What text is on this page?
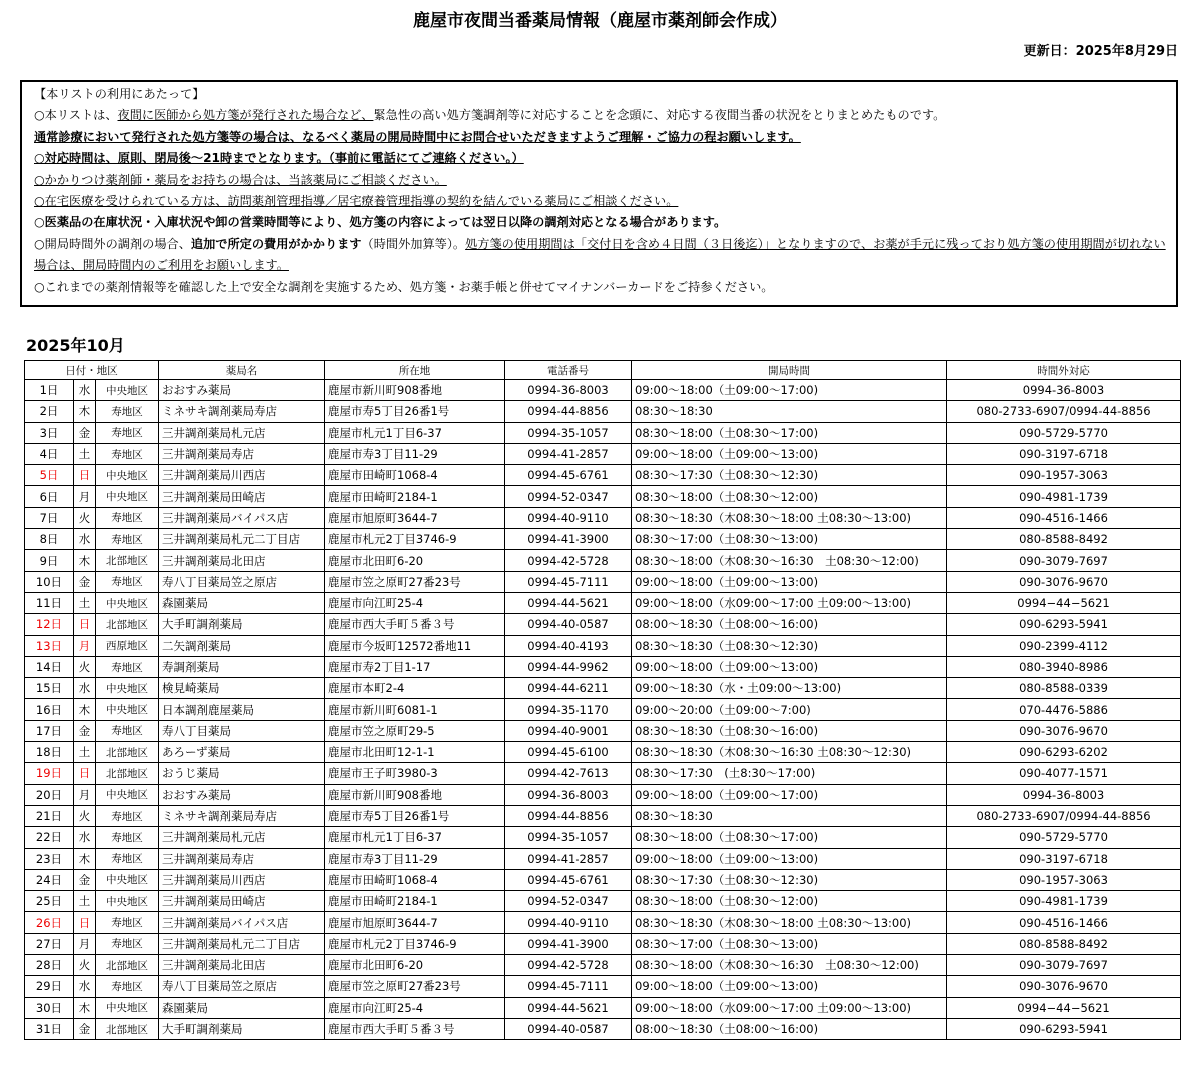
鹿屋市夜間当番薬局情報（鹿屋市薬剤師会作成）
更新日：2025年8月29日
【本リストの利用にあたって】
○本リストは、夜間に医師から処方箋が発行された場合など、緊急性の高い処方箋調剤等に対応することを念頭に、対応する夜間当番の状況をとりまとめたものです。
通常診療において発行された処方箋等の場合は、なるべく薬局の開局時間中にお問合せいただきますようご理解・ご協力の程お願いします。
○対応時間は、原則、閉局後～21時までとなります。（事前に電話にてご連絡ください。）
○かかりつけ薬剤師・薬局をお持ちの場合は、当該薬局にご相談ください。
○在宅医療を受けられている方は、訪問薬剤管理指導／居宅療養管理指導の契約を結んでいる薬局にご相談ください。
○医薬品の在庫状況・入庫状況や卸の営業時間等により、処方箋の内容によっては翌日以降の調剤対応となる場合があります。
○開局時間外の調剤の場合、追加で所定の費用がかかります（時間外加算等）。処方箋の使用期間は「交付日を含め４日間（３日後迄）」となりますので、お薬が手元に残っており処方箋の使用期間が切れない場合は、開局時間内のご利用をお願いします。
○これまでの薬剤情報等を確認した上で安全な調剤を実施するため、処方箋・お薬手帳と併せてマイナンバーカードをご持参ください。
2025年10月
日付・地区			薬局名	所在地	電話番号	開局時間	時間外対応
1日	水	中央地区	おおすみ薬局	鹿屋市新川町908番地	0994-36-8003	09:00～18:00（土09:00～17:00)	0994-36-8003
2日	木	寿地区	ミネサキ調剤薬局寿店	鹿屋市寿5丁目26番1号	0994-44-8856	08:30～18:30	080-2733-6907/0994-44-8856
3日	金	寿地区	三井調剤薬局札元店	鹿屋市札元1丁目6-37	0994-35-1057	08:30～18:00（土08:30～17:00)	090-5729-5770
4日	土	寿地区	三井調剤薬局寿店	鹿屋市寿3丁目11-29	0994-41-2857	09:00～18:00（土09:00～13:00)	090-3197-6718
5日	日	中央地区	三井調剤薬局川西店	鹿屋市田崎町1068-4	0994-45-6761	08:30～17:30（土08:30～12:30)	090-1957-3063
6日	月	中央地区	三井調剤薬局田崎店	鹿屋市田崎町2184-1	0994-52-0347	08:30～18:00（土08:30～12:00)	090-4981-1739
7日	火	寿地区	三井調剤薬局バイパス店	鹿屋市旭原町3644-7	0994-40-9110	08:30～18:30（木08:30～18:00 土08:30～13:00)	090-4516-1466
8日	水	寿地区	三井調剤薬局札元二丁目店	鹿屋市札元2丁目3746-9	0994-41-3900	08:30～17:00（土08:30～13:00)	080-8588-8492
9日	木	北部地区	三井調剤薬局北田店	鹿屋市北田町6-20	0994-42-5728	08:30～18:00（木08:30～16:30　土08:30～12:00)	090-3079-7697
10日	金	寿地区	寿八丁目薬局笠之原店	鹿屋市笠之原町27番23号	0994-45-7111	09:00～18:00（土09:00～13:00)	090-3076-9670
11日	土	中央地区	森園薬局	鹿屋市向江町25-4	0994-44-5621	09:00～18:00（水09:00～17:00 土09:00～13:00)	0994−44−5621
12日	日	北部地区	大手町調剤薬局	鹿屋市西大手町５番３号	0994-40-0587	08:00～18:30（土08:00～16:00)	090-6293-5941
13日	月	西原地区	二矢調剤薬局	鹿屋市今坂町12572番地11	0994-40-4193	08:30～18:30（土08:30～12:30)	090-2399-4112
14日	火	寿地区	寿調剤薬局	鹿屋市寿2丁目1-17	0994-44-9962	09:00～18:00（土09:00～13:00)	080-3940-8986
15日	水	中央地区	検見崎薬局	鹿屋市本町2-4	0994-44-6211	09:00～18:30（水・土09:00～13:00)	080-8588-0339
16日	木	中央地区	日本調剤鹿屋薬局	鹿屋市新川町6081-1	0994-35-1170	09:00～20:00（土09:00～7:00)	070-4476-5886
17日	金	寿地区	寿八丁目薬局	鹿屋市笠之原町29-5	0994-40-9001	08:30～18:30（土08:30～16:00)	090-3076-9670
18日	土	北部地区	あろーず薬局	鹿屋市北田町12-1-1	0994-45-6100	08:30～18:30（木08:30～16:30 土08:30～12:30)	090-6293-6202
19日	日	北部地区	おうじ薬局	鹿屋市王子町3980-3	0994-42-7613	08:30～17:30　(土8:30～17:00)	090-4077-1571
20日	月	中央地区	おおすみ薬局	鹿屋市新川町908番地	0994-36-8003	09:00～18:00（土09:00～17:00)	0994-36-8003
21日	火	寿地区	ミネサキ調剤薬局寿店	鹿屋市寿5丁目26番1号	0994-44-8856	08:30～18:30	080-2733-6907/0994-44-8856
22日	水	寿地区	三井調剤薬局札元店	鹿屋市札元1丁目6-37	0994-35-1057	08:30～18:00（土08:30～17:00)	090-5729-5770
23日	木	寿地区	三井調剤薬局寿店	鹿屋市寿3丁目11-29	0994-41-2857	09:00～18:00（土09:00～13:00)	090-3197-6718
24日	金	中央地区	三井調剤薬局川西店	鹿屋市田崎町1068-4	0994-45-6761	08:30～17:30（土08:30～12:30)	090-1957-3063
25日	土	中央地区	三井調剤薬局田崎店	鹿屋市田崎町2184-1	0994-52-0347	08:30～18:00（土08:30～12:00)	090-4981-1739
26日	日	寿地区	三井調剤薬局バイパス店	鹿屋市旭原町3644-7	0994-40-9110	08:30～18:30（木08:30～18:00 土08:30～13:00)	090-4516-1466
27日	月	寿地区	三井調剤薬局札元二丁目店	鹿屋市札元2丁目3746-9	0994-41-3900	08:30～17:00（土08:30～13:00)	080-8588-8492
28日	火	北部地区	三井調剤薬局北田店	鹿屋市北田町6-20	0994-42-5728	08:30～18:00（木08:30～16:30　土08:30～12:00)	090-3079-7697
29日	水	寿地区	寿八丁目薬局笠之原店	鹿屋市笠之原町27番23号	0994-45-7111	09:00～18:00（土09:00～13:00)	090-3076-9670
30日	木	中央地区	森園薬局	鹿屋市向江町25-4	0994-44-5621	09:00～18:00（水09:00～17:00 土09:00～13:00)	0994−44−5621
31日	金	北部地区	大手町調剤薬局	鹿屋市西大手町５番３号	0994-40-0587	08:00～18:30（土08:00～16:00)	090-6293-5941
